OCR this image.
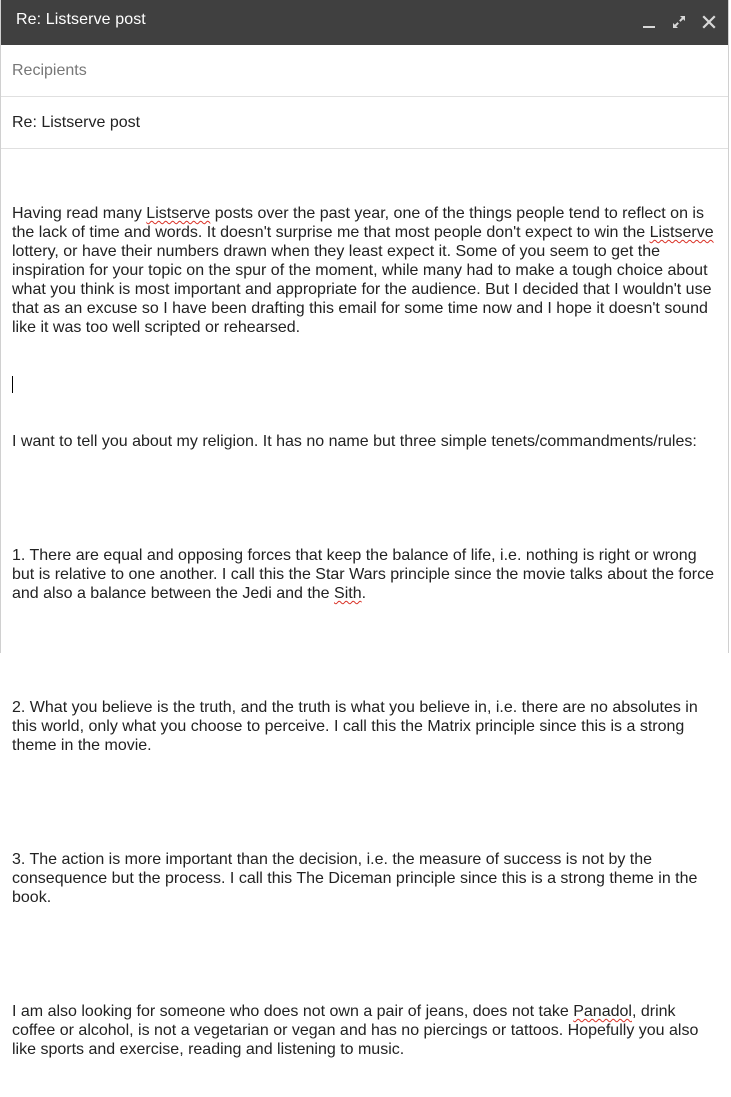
Re: Listserve post
Recipients
Re: Listserve post

Having read many Listserve posts over the past year, one of the things people tend to reflect on is the lack of time and words. It doesn't surprise me that most people don't expect to win the Listserve lottery, or have their numbers drawn when they least expect it. Some of you seem to get the inspiration for your topic on the spur of the moment, while many had to make a tough choice about what you think is most important and appropriate for the audience. But I decided that I wouldn't use that as an excuse so I have been drafting this email for some time now and I hope it doesn't sound like it was too well scripted or rehearsed.

I want to tell you about my religion. It has no name but three simple tenets/commandments/rules:

1. There are equal and opposing forces that keep the balance of life, i.e. nothing is right or wrong but is relative to one another. I call this the Star Wars principle since the movie talks about the force and also a balance between the Jedi and the Sith.

2. What you believe is the truth, and the truth is what you believe in, i.e. there are no absolutes in this world, only what you choose to perceive. I call this the Matrix principle since this is a strong theme in the movie.

3. The action is more important than the decision, i.e. the measure of success is not by the consequence but the process. I call this The Diceman principle since this is a strong theme in the book.

I am also looking for someone who does not own a pair of jeans, does not take Panadol, drink coffee or alcohol, is not a vegetarian or vegan and has no piercings or tattoos. Hopefully you also like sports and exercise, reading and listening to music.
